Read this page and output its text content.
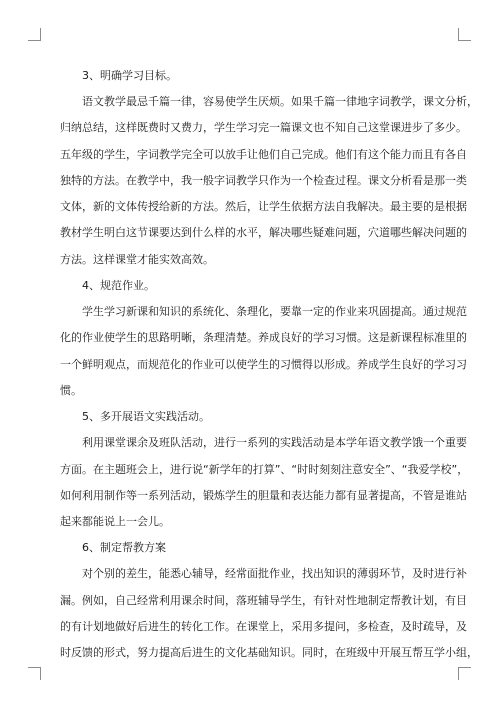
3、明确学习目标。

语文教学最忌千篇一律，容易使学生厌烦。如果千篇一律地字词教学，课文分析，
归纳总结，这样既费时又费力，学生学习完一篇课文也不知自己这堂课进步了多少。
五年级的学生，字词教学完全可以放手让他们自己完成。他们有这个能力而且有各自
独特的方法。在教学中，我一般字词教学只作为一个检查过程。课文分析看是那一类
文体，新的文体传授给新的方法。然后，让学生依据方法自我解决。最主要的是根据
教材学生明白这节课要达到什么样的水平，解决哪些疑难问题，穴道哪些解决问题的
方法。这样课堂才能实效高效。

4、规范作业。

学生学习新课和知识的系统化、条理化，要靠一定的作业来巩固提高。通过规范
化的作业使学生的思路明晰，条理清楚。养成良好的学习习惯。这是新课程标准里的
一个鲜明观点，而规范化的作业可以使学生的习惯得以形成。养成学生良好的学习习
惯。

5、多开展语文实践活动。

利用课堂课余及班队活动，进行一系列的实践活动是本学年语文教学饿一个重要
方面。在主题班会上，进行说“新学年的打算”、“时时刻刻注意安全”、“我爱学校”，
如何利用制作等一系列活动，锻炼学生的胆量和表达能力都有显著提高，不管是谁站
起来都能说上一会儿。

6、制定帮教方案

对个别的差生，能悉心辅导，经常面批作业，找出知识的薄弱环节，及时进行补
漏。例如，自己经常利用课余时间，落班辅导学生，有针对性地制定帮教计划，有目
的有计划地做好后进生的转化工作。在课堂上，采用多提问，多检查，及时疏导，及
时反馈的形式，努力提高后进生的文化基础知识。同时，在班级中开展互帮互学小组，
